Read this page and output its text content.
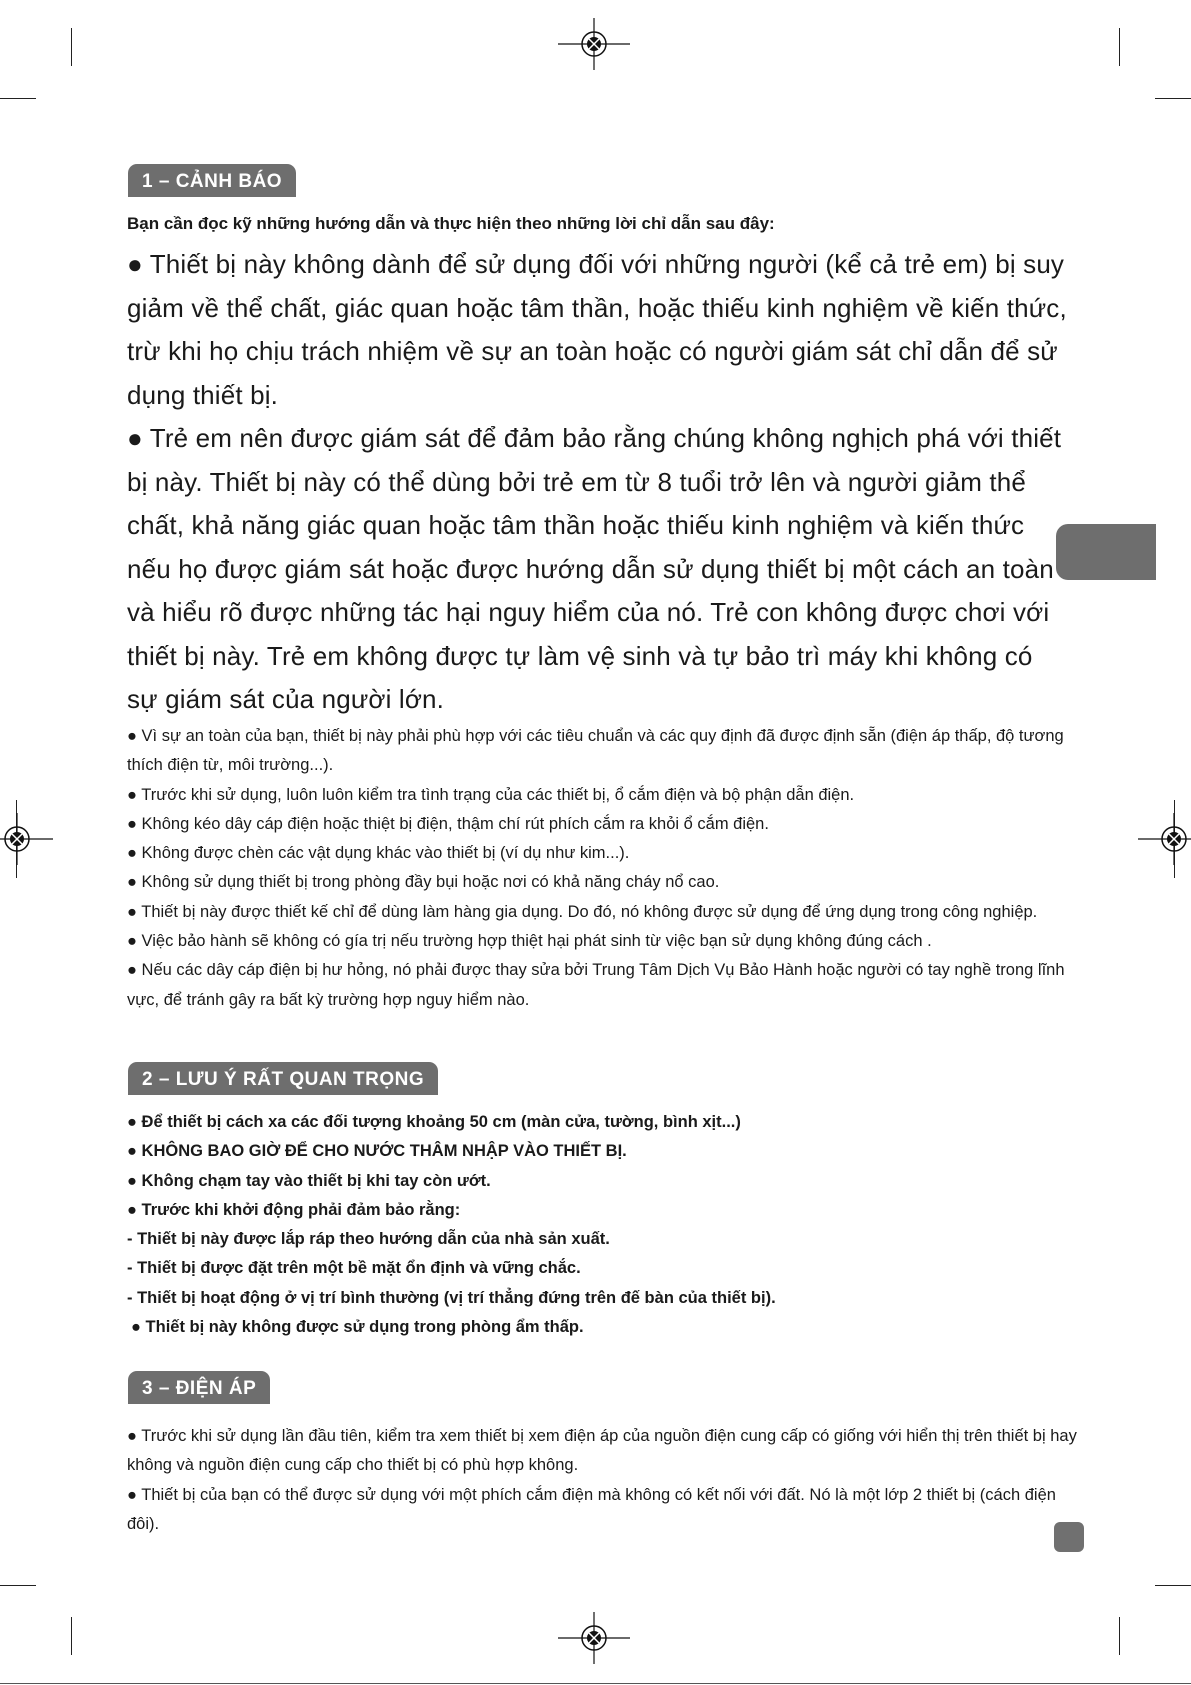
1 – CẢNH BÁO
Bạn cần đọc kỹ những hướng dẫn và thực hiện theo những lời chỉ dẫn sau đây:

● Thiết bị này không dành để sử dụng đối với những người (kể cả trẻ em) bị suy giảm về thể chất, giác quan hoặc tâm thần, hoặc thiếu kinh nghiệm về kiến thức, trừ khi họ chịu trách nhiệm về sự an toàn hoặc có người giám sát chỉ dẫn để sử dụng thiết bị.

● Trẻ em nên được giám sát để đảm bảo rằng chúng không nghịch phá với thiết bị này. Thiết bị này có thể dùng bởi trẻ em từ 8 tuổi trở lên và người giảm thể chất, khả năng giác quan hoặc tâm thần hoặc thiếu kinh nghiệm và kiến thức nếu họ được giám sát hoặc được hướng dẫn sử dụng thiết bị một cách an toàn và hiểu rõ được những tác hại nguy hiểm của nó. Trẻ con không được chơi với thiết bị này. Trẻ em không được tự làm vệ sinh và tự bảo trì máy khi không có sự giám sát của người lớn.

● Vì sự an toàn của bạn, thiết bị này phải phù hợp với các tiêu chuẩn và các quy định đã được định sẵn (điện áp thấp, độ tương thích điện từ, môi trường...).

● Trước khi sử dụng, luôn luôn kiểm tra tình trạng của các thiết bị, ổ cắm điện và bộ phận dẫn điện.

● Không kéo dây cáp điện hoặc thiệt bị điện, thậm chí rút phích cắm ra khỏi ổ cắm điện.

● Không được chèn các vật dụng khác vào thiết bị (ví dụ như kim...).

● Không sử dụng thiết bị trong phòng đầy bụi hoặc nơi có khả năng cháy nổ cao.

● Thiết bị này được thiết kế chỉ để dùng làm hàng gia dụng. Do đó, nó không được sử dụng để ứng dụng trong công nghiệp.

● Việc bảo hành sẽ không có gía trị nếu trường hợp thiệt hại phát sinh từ việc bạn sử dụng không đúng cách .

● Nếu các dây cáp điện bị hư hỏng, nó phải được thay sửa bởi Trung Tâm Dịch Vụ Bảo Hành hoặc người có tay nghề trong lĩnh vực, để tránh gây ra bất kỳ trường hợp nguy hiểm nào.

2 – LƯU Ý RẤT QUAN TRỌNG

● Để thiết bị cách xa các đối tượng khoảng 50 cm (màn cửa, tường, bình xịt...)

● KHÔNG BAO GIỜ ĐỂ CHO NƯỚC THÂM NHẬP VÀO THIẾT BỊ.

● Không chạm tay vào thiết bị khi tay còn ướt.

● Trước khi khởi động phải đảm bảo rằng:

- Thiết bị này được lắp ráp theo hướng dẫn của nhà sản xuất.

- Thiết bị được đặt trên một bề mặt ổn định và vững chắc.

- Thiết bị hoạt động ở vị trí bình thường (vị trí thẳng đứng trên đế bàn của thiết bị).

● Thiết bị này không được sử dụng trong phòng ẩm thấp.

3 – ĐIỆN ÁP

● Trước khi sử dụng lần đầu tiên, kiểm tra xem thiết bị xem điện áp của nguồn điện cung cấp có giống với hiển thị trên thiết bị hay không và nguồn điện cung cấp cho thiết bị có phù hợp không.

● Thiết bị của bạn có thể được sử dụng với một phích cắm điện mà không có kết nối với đất. Nó là một lớp 2 thiết bị (cách điện đôi).
